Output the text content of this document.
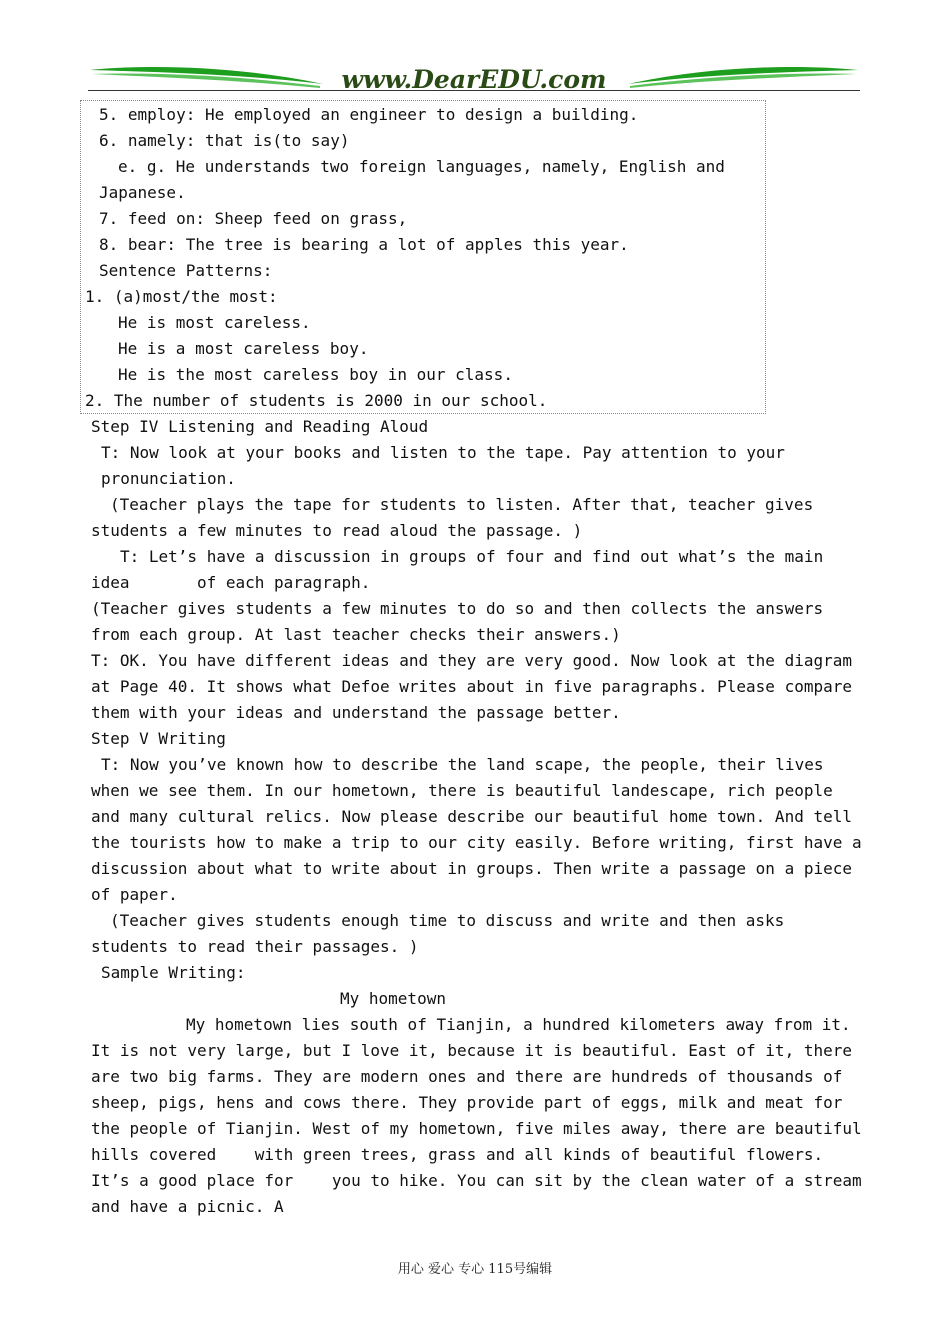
www.DearEDU.com
5. employ: He employed an engineer to design a building.
6. namely: that is(to say)
e. g. He understands two foreign languages, namely, English and
Japanese.
7. feed on: Sheep feed on grass,
8. bear: The tree is bearing a lot of apples this year.
Sentence Patterns:
1. (a)most/the most:
He is most careless.
He is a most careless boy.
He is the most careless boy in our class.
2. The number of students is 2000 in our school.
Step IV Listening and Reading Aloud
T: Now look at your books and listen to the tape. Pay attention to your
pronunciation.
(Teacher plays the tape for students to listen. After that, teacher gives
students a few minutes to read aloud the passage. )
T: Let’s have a discussion in groups of four and find out what’s the main
idea       of each paragraph.
(Teacher gives students a few minutes to do so and then collects the answers
from each group. At last teacher checks their answers.)
T: OK. You have different ideas and they are very good. Now look at the diagram
at Page 40. It shows what Defoe writes about in five paragraphs. Please compare
them with your ideas and understand the passage better.
Step V Writing
T: Now you’ve known how to describe the land scape, the people, their lives
when we see them. In our hometown, there is beautiful landescape, rich people
and many cultural relics. Now please describe our beautiful home town. And tell
the tourists how to make a trip to our city easily. Before writing, first have a
discussion about what to write about in groups. Then write a passage on a piece
of paper.
(Teacher gives students enough time to discuss and write and then asks
students to read their passages. )
Sample Writing:
My hometown
My hometown lies south of Tianjin, a hundred kilometers away from it.
It is not very large, but I love it, because it is beautiful. East of it, there
are two big farms. They are modern ones and there are hundreds of thousands of
sheep, pigs, hens and cows there. They provide part of eggs, milk and meat for
the people of Tianjin. West of my hometown, five miles away, there are beautiful
hills covered    with green trees, grass and all kinds of beautiful flowers.
It’s a good place for    you to hike. You can sit by the clean water of a stream
and have a picnic. A
用心 爱心 专心 115号编辑
